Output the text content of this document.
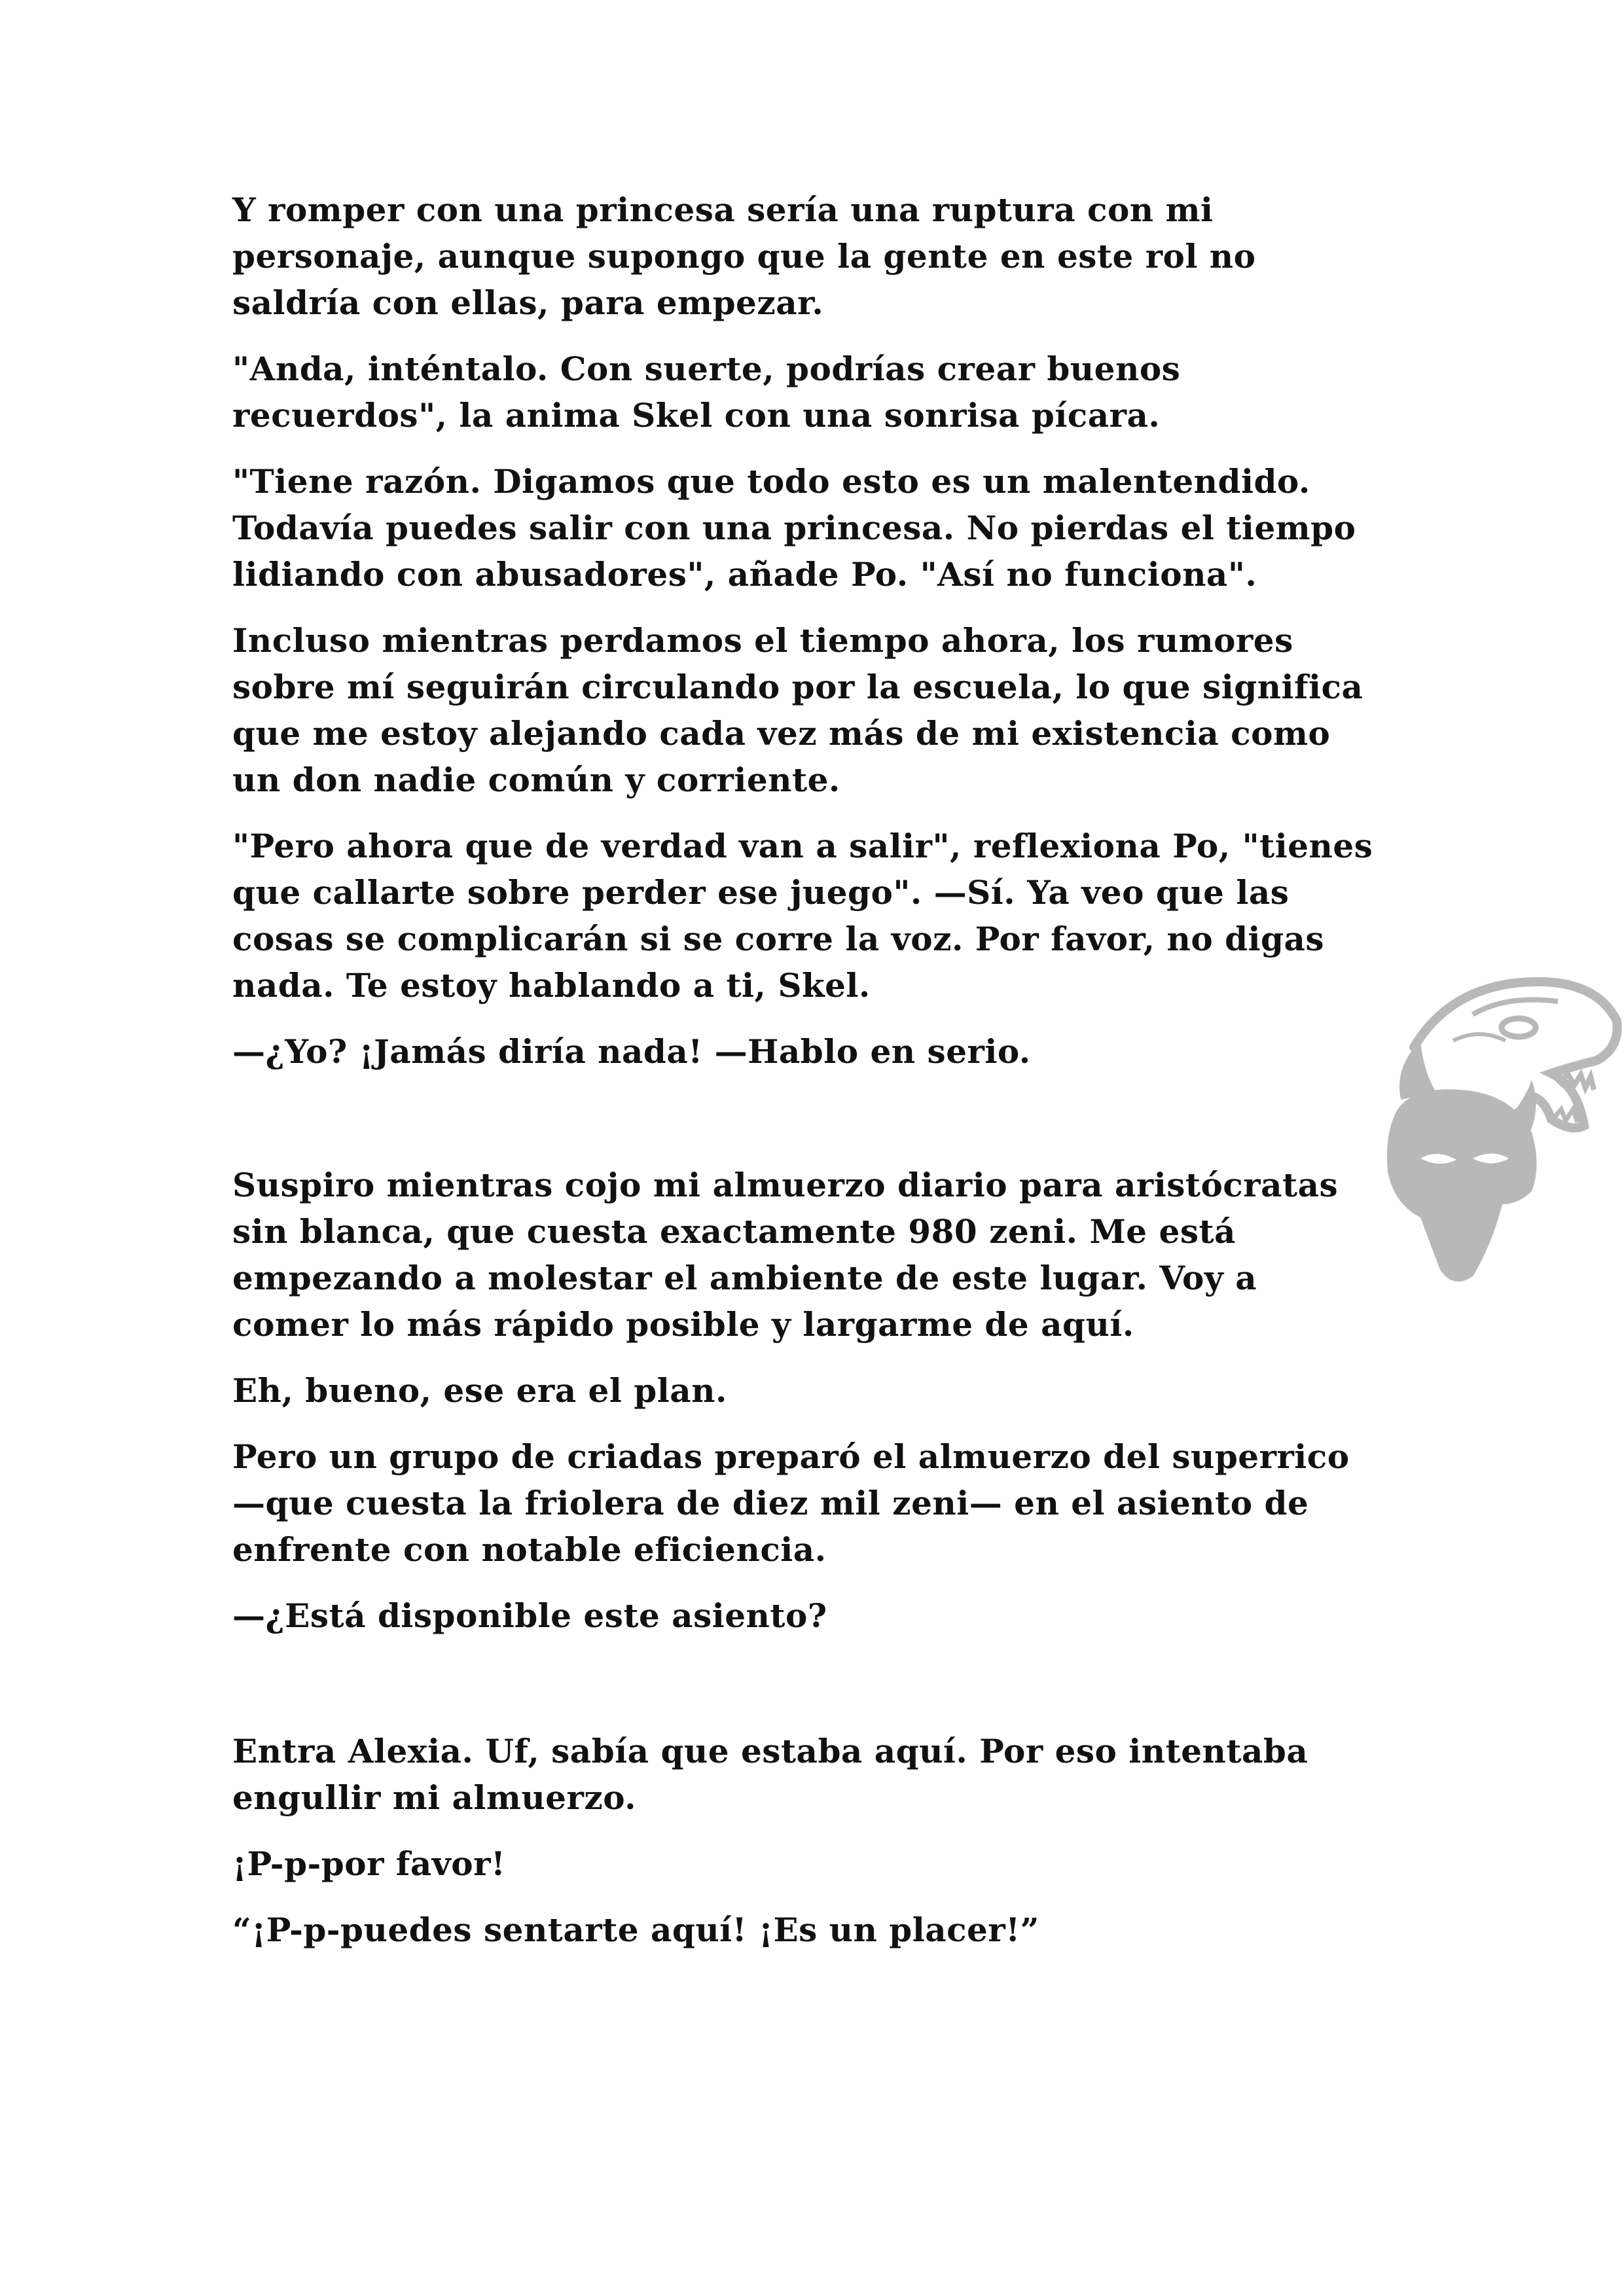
Y romper con una princesa sería una ruptura con mi personaje, aunque supongo que la gente en este rol no saldría con ellas, para empezar.

"Anda, inténtalo. Con suerte, podrías crear buenos recuerdos", la anima Skel con una sonrisa pícara.

"Tiene razón. Digamos que todo esto es un malentendido. Todavía puedes salir con una princesa. No pierdas el tiempo lidiando con abusadores", añade Po. "Así no funciona".

Incluso mientras perdamos el tiempo ahora, los rumores sobre mí seguirán circulando por la escuela, lo que significa que me estoy alejando cada vez más de mi existencia como un don nadie común y corriente.

"Pero ahora que de verdad van a salir", reflexiona Po, "tienes que callarte sobre perder ese juego". —Sí. Ya veo que las cosas se complicarán si se corre la voz. Por favor, no digas nada. Te estoy hablando a ti, Skel.

—¿Yo? ¡Jamás diría nada! —Hablo en serio.

Suspiro mientras cojo mi almuerzo diario para aristócratas sin blanca, que cuesta exactamente 980 zeni. Me está empezando a molestar el ambiente de este lugar. Voy a comer lo más rápido posible y largarme de aquí.

Eh, bueno, ese era el plan.

Pero un grupo de criadas preparó el almuerzo del superrico —que cuesta la friolera de diez mil zeni— en el asiento de enfrente con notable eficiencia.

—¿Está disponible este asiento?

Entra Alexia. Uf, sabía que estaba aquí. Por eso intentaba engullir mi almuerzo.

¡P-p-por favor!

“¡P-p-puedes sentarte aquí! ¡Es un placer!”
